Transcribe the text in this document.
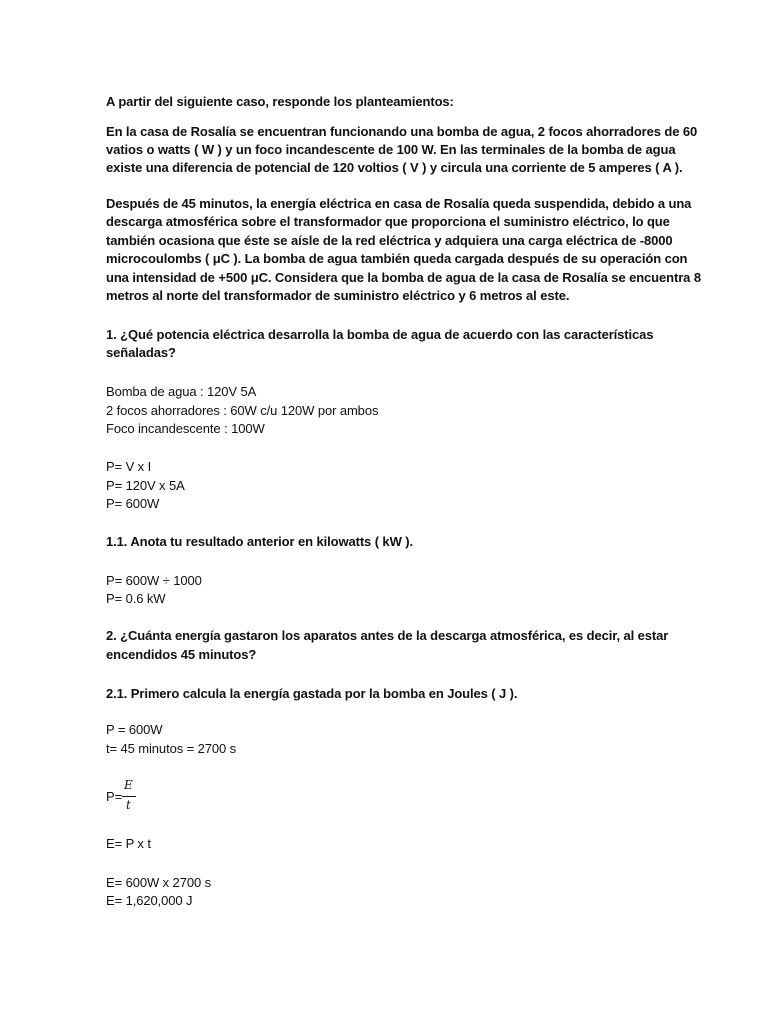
A partir del siguiente caso, responde los planteamientos:
En la casa de Rosalía se encuentran funcionando una bomba de agua, 2 focos ahorradores de 60
vatios o watts ( W ) y un foco incandescente de 100 W. En las terminales de la bomba de agua
existe una diferencia de potencial de 120 voltios ( V ) y circula una corriente de 5 amperes ( A ).
Después de 45 minutos, la energía eléctrica en casa de Rosalía queda suspendida, debido a una
descarga atmosférica sobre el transformador que proporciona el suministro eléctrico, lo que
también ocasiona que éste se aísle de la red eléctrica y adquiera una carga eléctrica de -8000
microcoulombs ( μC ). La bomba de agua también queda cargada después de su operación con
una intensidad de +500 μC. Considera que la bomba de agua de la casa de Rosalía se encuentra 8
metros al norte del transformador de suministro eléctrico y 6 metros al este.
1. ¿Qué potencia eléctrica desarrolla la bomba de agua de acuerdo con las características
señaladas?
Bomba de agua : 120V 5A
2 focos ahorradores : 60W c/u 120W por ambos
Foco incandescente : 100W
P= V x I
P= 120V x 5A
P= 600W
1.1. Anota tu resultado anterior en kilowatts ( kW ).
P= 600W ÷ 1000
P= 0.6 kW
2. ¿Cuánta energía gastaron los aparatos antes de la descarga atmosférica, es decir, al estar
encendidos 45 minutos?
2.1. Primero calcula la energía gastada por la bomba en Joules ( J ).
P = 600W
t= 45 minutos = 2700 s
P=
E
t
E= P x t
E= 600W x 2700 s
E= 1,620,000 J
